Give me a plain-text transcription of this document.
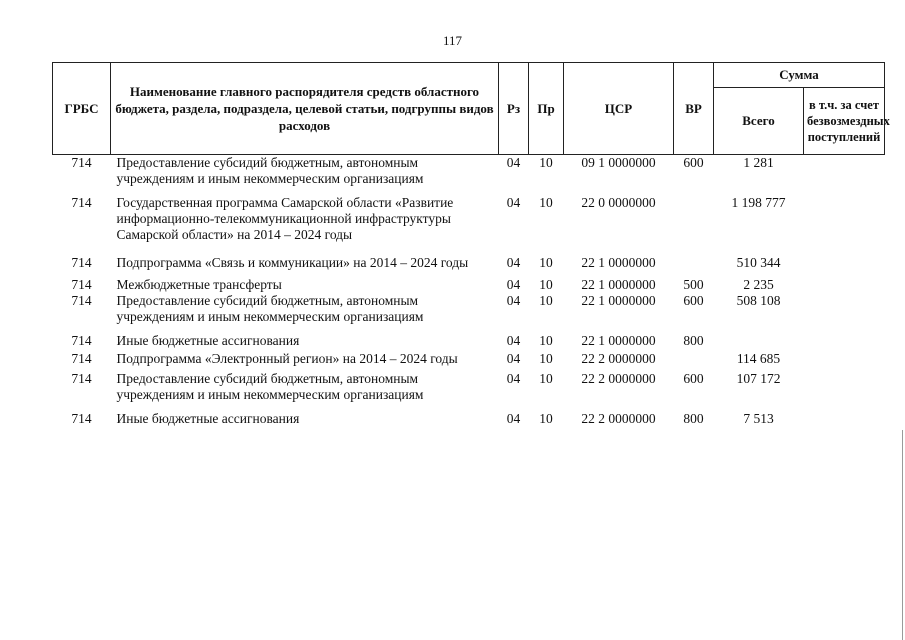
117
ГРБС	Наименование главного распорядителя средств областного бюджета, раздела, подраздела, целевой статьи, подгруппы видов расходов	Рз	Пр	ЦСР	ВР	Сумма	
						Всего	в т.ч. за счет безвозмездных поступлений
714	Предоставление субсидий бюджетным, автономным учреждениям и иным некоммерческим организациям	04	10	09 1 0000000	600	1 281	
714	Государственная программа Самарской области «Развитие информационно-телекоммуникационной инфраструктуры Самарской области» на 2014 – 2024 годы	04	10	22 0 0000000		1 198 777	
714	Подпрограмма «Связь и коммуникации» на 2014 – 2024 годы	04	10	22 1 0000000		510 344	
714	Межбюджетные трансферты	04	10	22 1 0000000	500	2 235	
714	Предоставление субсидий бюджетным, автономным учреждениям и иным некоммерческим организациям	04	10	22 1 0000000	600	508 108	
714	Иные бюджетные ассигнования	04	10	22 1 0000000	800		
714	Подпрограмма «Электронный регион» на 2014 – 2024 годы	04	10	22 2 0000000		114 685	
714	Предоставление субсидий бюджетным, автономным учреждениям и иным некоммерческим организациям	04	10	22 2 0000000	600	107 172	
714	Иные бюджетные ассигнования	04	10	22 2 0000000	800	7 513	
